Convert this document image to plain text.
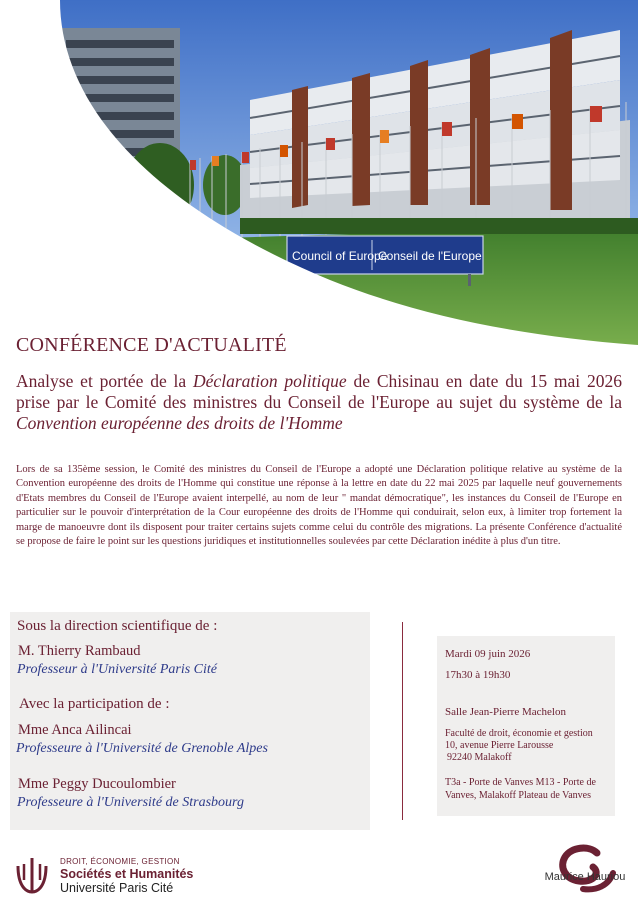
Council of Europe
Conseil de l'Europe
CONFÉRENCE D'ACTUALITÉ

Analyse et portée de la Déclaration politique de Chisinau en date du 15 mai 2026 prise par le Comité des ministres du Conseil de l'Europe au sujet du système de la Convention européenne des droits de l'Homme

Lors de sa 135ème session, le Comité des ministres du Conseil de l'Europe a adopté une Déclaration politique relative au système de la Convention européenne des droits de l'Homme qui constitue une réponse à la lettre en date du 22 mai 2025 par laquelle neuf gouvernements d'Etats membres du Conseil de l'Europe avaient interpellé, au nom de leur " mandat démocratique", les instances du Conseil de l'Europe en particulier sur le pouvoir d'interprétation de la Cour européenne des droits de l'Homme qui conduirait, selon eux, à limiter trop fortement la marge de manoeuvre dont ils disposent pour traiter certains sujets comme celui du contrôle des migrations. La présente Conférence d'actualité se propose de faire le point sur les questions juridiques et institutionnelles soulevées par cette Déclaration inédite à plus d'un titre.

Sous la direction scientifique de :
M. Thierry Rambaud
Professeur à l'Université Paris Cité
Avec la participation de :
Mme Anca Ailincai
Professeure à l'Université de Grenoble Alpes
Mme Peggy Ducoulombier
Professeure à l'Université de Strasbourg
Mardi 09 juin 2026
17h30 à 19h30
Salle Jean-Pierre Machelon
Faculté de droit, économie et gestion
10, avenue Pierre Larousse
92240 Malakoff
T3a - Porte de Vanves M13 - Porte de Vanves, Malakoff Plateau de Vanves
DROIT, ÉCONOMIE, GESTION
Sociétés et Humanités
Université Paris Cité
Maurice Hauriou
